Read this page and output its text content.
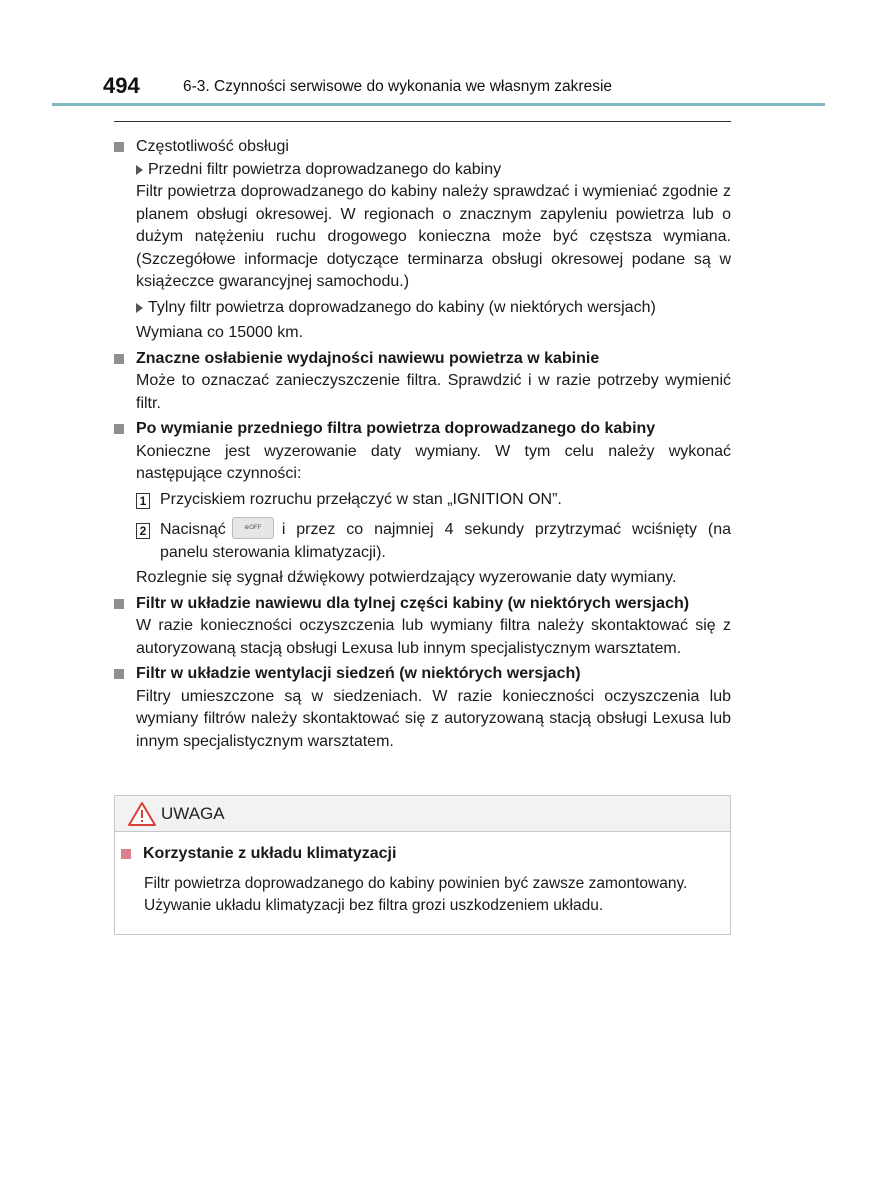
494	6-3. Czynności serwisowe do wykonania we własnym zakresie
Częstotliwość obsługi
Przedni filtr powietrza doprowadzanego do kabiny
Filtr powietrza doprowadzanego do kabiny należy sprawdzać i wymieniać zgodnie z planem obsługi okresowej. W regionach o znacznym zapyleniu powietrza lub o dużym natężeniu ruchu drogowego konieczna może być częstsza wymiana. (Szczegółowe informacje dotyczące terminarza obsługi okresowej podane są w książeczce gwarancyjnej samochodu.)
Tylny filtr powietrza doprowadzanego do kabiny (w niektórych wersjach)
Wymiana co 15000 km.
Znaczne osłabienie wydajności nawiewu powietrza w kabinie
Może to oznaczać zanieczyszczenie filtra. Sprawdzić i w razie potrzeby wymienić filtr.
Po wymianie przedniego filtra powietrza doprowadzanego do kabiny
Konieczne jest wyzerowanie daty wymiany. W tym celu należy wykonać następujące czynności:
1 Przyciskiem rozruchu przełączyć w stan „IGNITION ON”.
2 Nacisnąć	⊕OFF i przez co najmniej 4 sekundy przytrzymać wciśnięty (na panelu sterowania klimatyzacji).
Rozlegnie się sygnał dźwiękowy potwierdzający wyzerowanie daty wymiany.
Filtr w układzie nawiewu dla tylnej części kabiny (w niektórych wersjach)
W razie konieczności oczyszczenia lub wymiany filtra należy skontaktować się z autoryzowaną stacją obsługi Lexusa lub innym specjalistycznym warsztatem.
Filtr w układzie wentylacji siedzeń (w niektórych wersjach)
Filtry umieszczone są w siedzeniach. W razie konieczności oczyszczenia lub wymiany filtrów należy skontaktować się z autoryzowaną stacją obsługi Lexusa lub innym specjalistycznym warsztatem.
UWAGA
Korzystanie z układu klimatyzacji
Filtr powietrza doprowadzanego do kabiny powinien być zawsze zamontowany. Używanie układu klimatyzacji bez filtra grozi uszkodzeniem układu.
